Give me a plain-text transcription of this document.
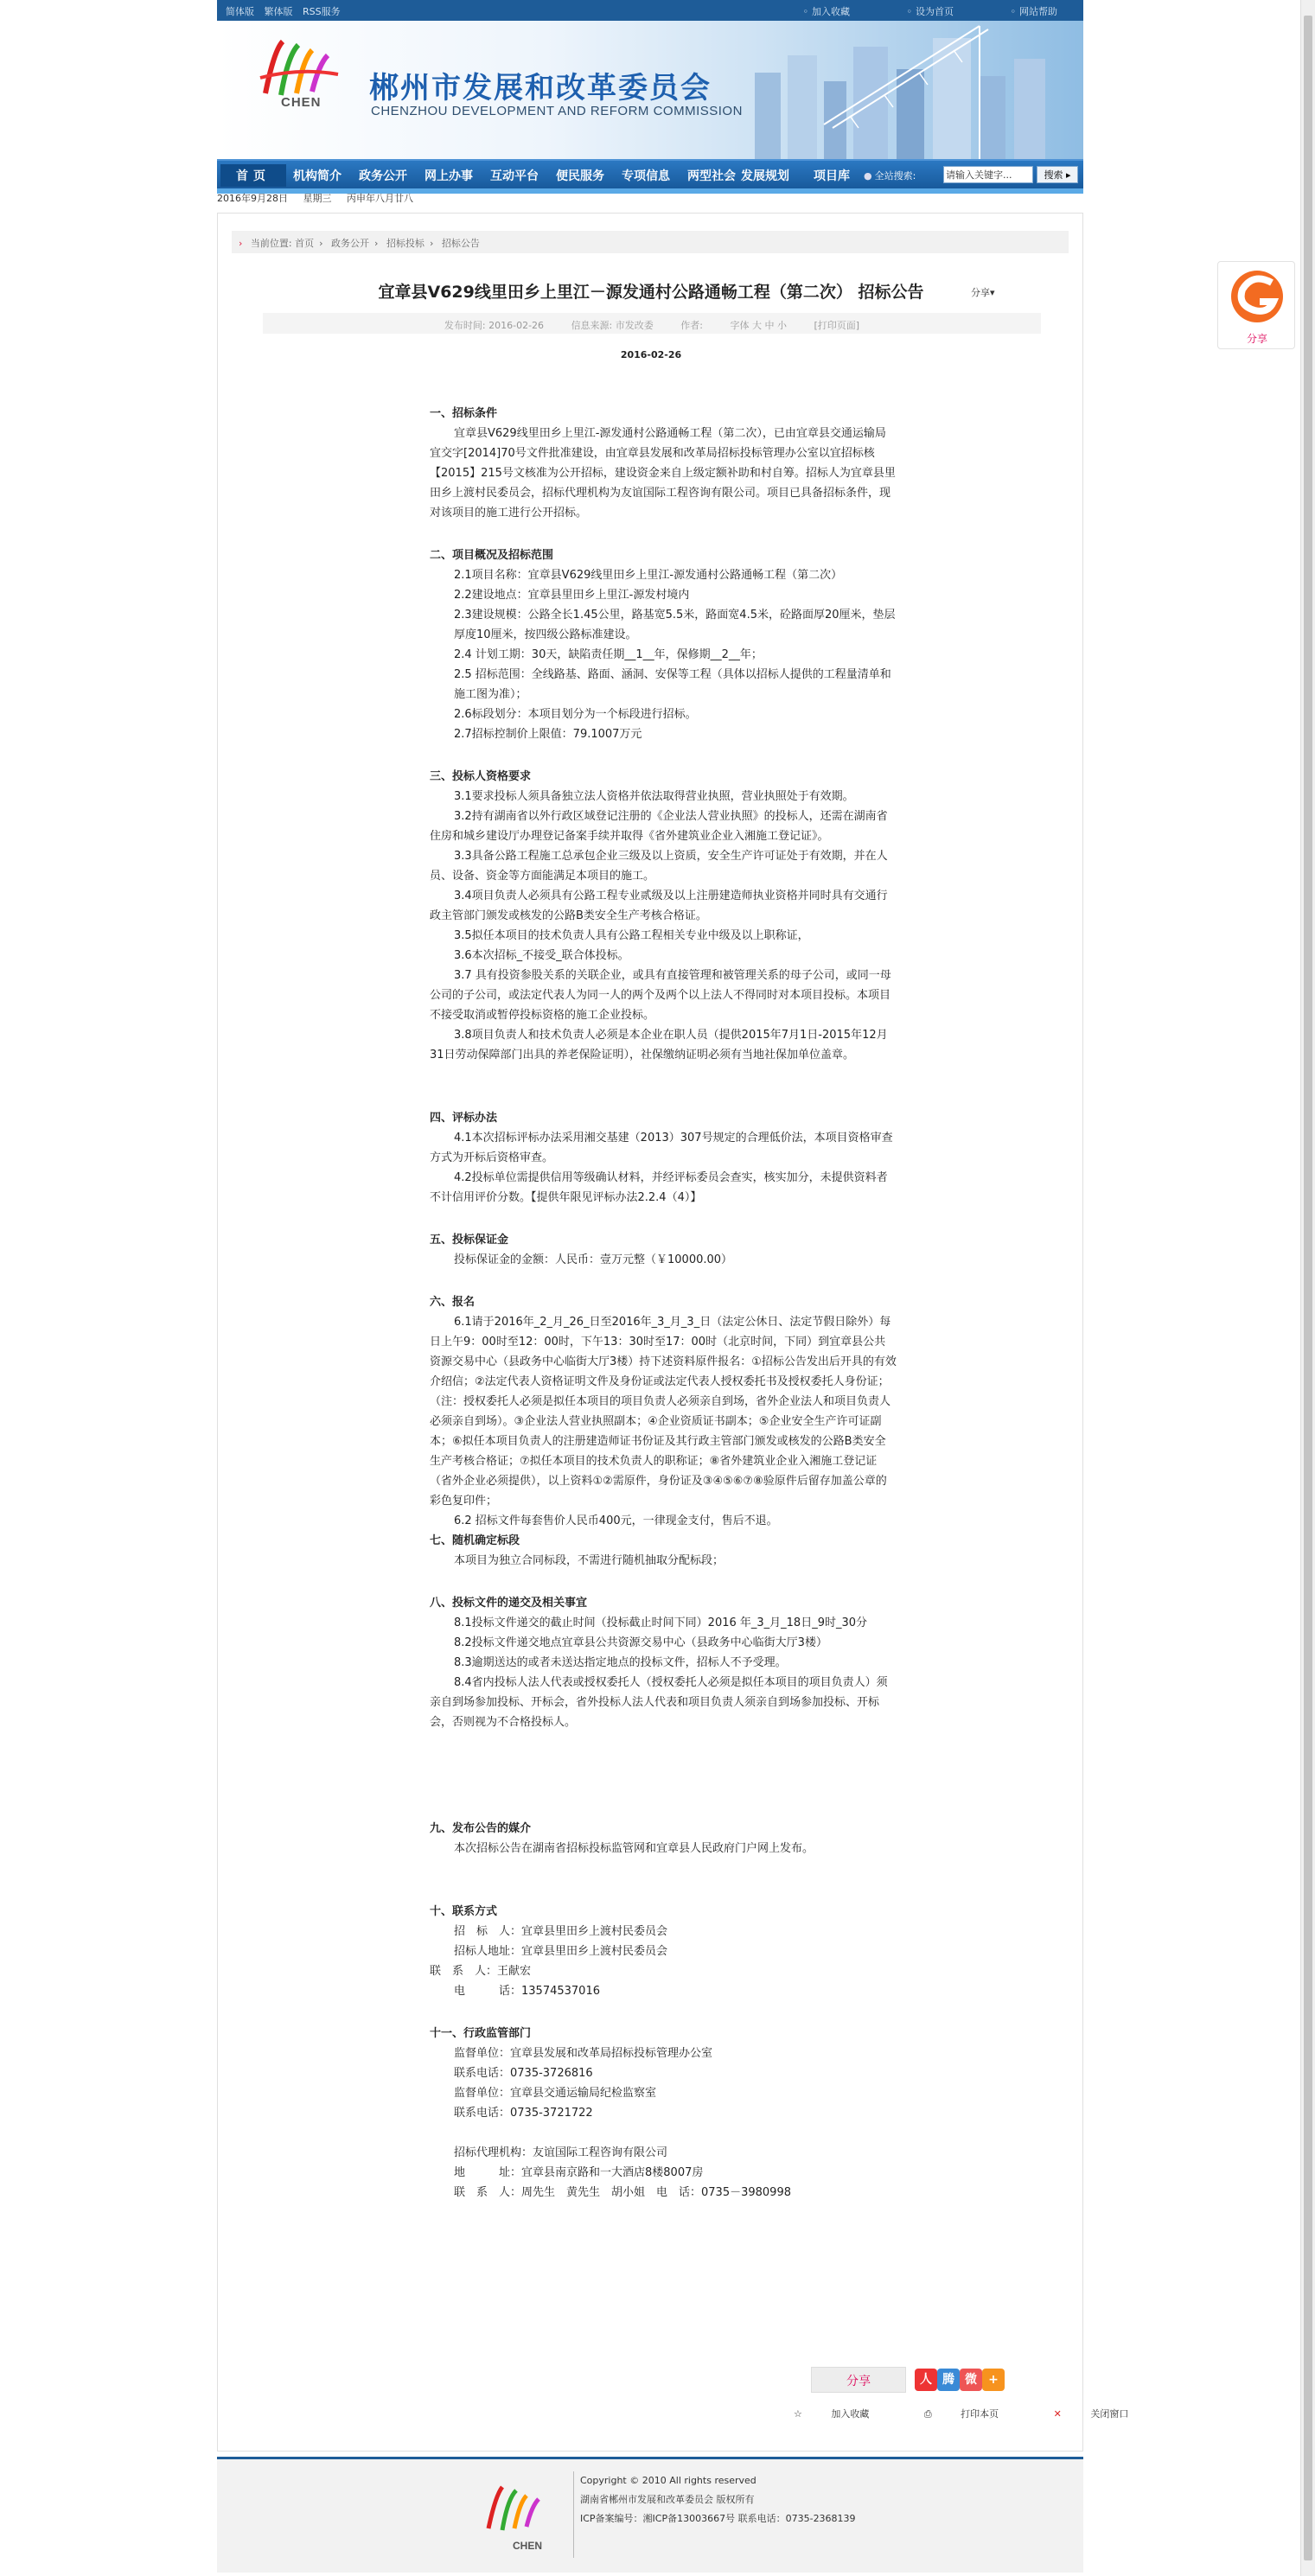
简体版 繁体版 RSS服务	◦ 加入收藏	◦ 设为首页	◦ 网站帮助
CHEN 郴州市发展和改革委员会
CHENZHOU DEVELOPMENT AND REFORM COMMISSION
首页	机构简介 政务公开 网上办事 互动平台 便民服务 专项信息 两型社会 发展规划 项目库	● 全站搜索:
请输入关键字...	搜索 ▸
2016年9月28日 星期三 丙申年八月廿八
› 当前位置: 首页 › 政务公开 › 招标投标 › 招标公告
宜章县V629线里田乡上里江－源发通村公路通畅工程（第二次） 招标公告	分享▾
发布时间: 2016-02-26	信息来源: 市发改委	作者:	字体 大 中 小	[打印页面]
2016-02-26
一、招标条件

宜章县V629线里田乡上里江-源发通村公路通畅工程（第二次），已由宜章县交通运输局宜交字[2014]70号文件批准建设，由宜章县发展和改革局招标投标管理办公室以宜招标核【2015】215号文核准为公开招标，建设资金来自上级定额补助和村自筹。招标人为宜章县里田乡上渡村民委员会，招标代理机构为友谊国际工程咨询有限公司。项目已具备招标条件，现对该项目的施工进行公开招标。

二、项目概况及招标范围

2.1项目名称：宜章县V629线里田乡上里江-源发通村公路通畅工程（第二次）

2.2建设地点：宜章县里田乡上里江-源发村境内

2.3建设规模：公路全长1.45公里，路基宽5.5米，路面宽4.5米，砼路面厚20厘米，垫层厚度10厘米，按四级公路标准建设。

2.4 计划工期：30天，缺陷责任期__1__年，保修期__2__年；

2.5 招标范围：全线路基、路面、涵洞、安保等工程（具体以招标人提供的工程量清单和施工图为准）；

2.6标段划分：本项目划分为一个标段进行招标。

2.7招标控制价上限值：79.1007万元

三、投标人资格要求

3.1要求投标人须具备独立法人资格并依法取得营业执照，营业执照处于有效期。

3.2持有湖南省以外行政区域登记注册的《企业法人营业执照》的投标人，还需在湖南省住房和城乡建设厅办理登记备案手续并取得《省外建筑业企业入湘施工登记证》。

3.3具备公路工程施工总承包企业三级及以上资质，安全生产许可证处于有效期，并在人员、设备、资金等方面能满足本项目的施工。

3.4项目负责人必须具有公路工程专业贰级及以上注册建造师执业资格并同时具有交通行政主管部门颁发或核发的公路B类安全生产考核合格证。

3.5拟任本项目的技术负责人具有公路工程相关专业中级及以上职称证，

3.6本次招标_不接受_联合体投标。

3.7 具有投资参股关系的关联企业，或具有直接管理和被管理关系的母子公司，或同一母公司的子公司，或法定代表人为同一人的两个及两个以上法人不得同时对本项目投标。本项目不接受取消或暂停投标资格的施工企业投标。

3.8项目负责人和技术负责人必须是本企业在职人员（提供2015年7月1日-2015年12月31日劳动保障部门出具的养老保险证明），社保缴纳证明必须有当地社保加单位盖章。

四、评标办法

4.1本次招标评标办法采用湘交基建（2013）307号规定的合理低价法，本项目资格审查方式为开标后资格审查。

4.2投标单位需提供信用等级确认材料，并经评标委员会查实，核实加分，未提供资料者不计信用评价分数。【提供年限见评标办法2.2.4（4）】

五、投标保证金

投标保证金的金额：人民币：壹万元整（￥10000.00）

六、报名

6.1请于2016年_2_月_26_日至2016年_3_月_3_日（法定公休日、法定节假日除外）每日上午9：00时至12：00时，下午13：30时至17：00时（北京时间，下同）到宜章县公共资源交易中心（县政务中心临街大厅3楼）持下述资料原件报名：①招标公告发出后开具的有效介绍信；②法定代表人资格证明文件及身份证或法定代表人授权委托书及授权委托人身份证；（注：授权委托人必须是拟任本项目的项目负责人必须亲自到场，省外企业法人和项目负责人必须亲自到场）。③企业法人营业执照副本；④企业资质证书副本；⑤企业安全生产许可证副本；⑥拟任本项目负责人的注册建造师证书份证及其行政主管部门颁发或核发的公路B类安全生产考核合格证；⑦拟任本项目的技术负责人的职称证；⑧省外建筑业企业入湘施工登记证（省外企业必须提供），以上资料①②需原件，身份证及③④⑤⑥⑦⑧验原件后留存加盖公章的彩色复印件；

6.2 招标文件每套售价人民币400元，一律现金支付，售后不退。

七、随机确定标段

本项目为独立合同标段，不需进行随机抽取分配标段；

八、投标文件的递交及相关事宜

8.1投标文件递交的截止时间（投标截止时间下同）2016 年_3_月_18日_9时_30分

8.2投标文件递交地点宜章县公共资源交易中心（县政务中心临街大厅3楼）

8.3逾期送达的或者未送达指定地点的投标文件，招标人不予受理。

8.4省内投标人法人代表或授权委托人（授权委托人必须是拟任本项目的项目负责人）须亲自到场参加投标、开标会，省外投标人法人代表和项目负责人须亲自到场参加投标、开标会，否则视为不合格投标人。

九、发布公告的媒介

本次招标公告在湖南省招标投标监管网和宜章县人民政府门户网上发布。

十、联系方式

招　标　人：宜章县里田乡上渡村民委员会

招标人地址：宜章县里田乡上渡村民委员会

联　系　人：王献宏

电　　　话：13574537016

十一、行政监管部门

监督单位：宜章县发展和改革局招标投标管理办公室

联系电话：0735-3726816

监督单位：宜章县交通运输局纪检监察室

联系电话：0735-3721722

招标代理机构：友谊国际工程咨询有限公司

地　　　址：宜章县南京路和一大酒店8楼8007房

联　系　人：周先生　黄先生　胡小姐　电　话：0735－3980998

分享	人 腾 微 +
☆	加入收藏	⎙	打印本页	✕	关闭窗口
CHEN
Copyright © 2010 All rights reserved
湖南省郴州市发展和改革委员会 版权所有
ICP备案编号：湘ICP备13003667号 联系电话：0735-2368139
分享
